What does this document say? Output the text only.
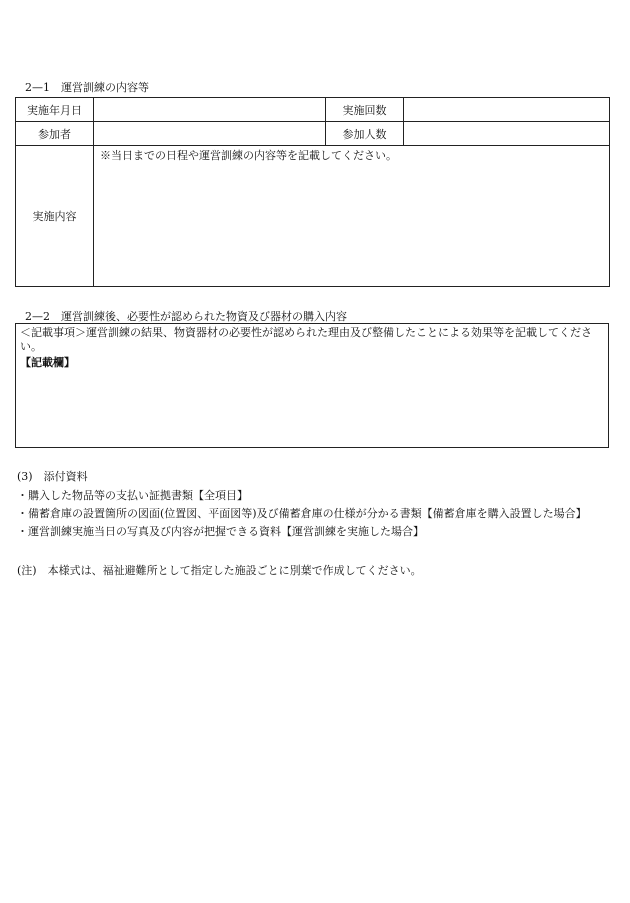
2—1　運営訓練の内容等
実施年月日		実施回数	
参加者		参加人数	
実施内容	※当日までの日程や運営訓練の内容等を記載してください。		
2—2　運営訓練後、必要性が認められた物資及び器材の購入内容
＜記載事項＞運営訓練の結果、物資器材の必要性が認められた理由及び整備したことによる効果等を記載してください。
【記載欄】
(3)　添付資料
・購入した物品等の支払い証拠書類【全項目】
・備蓄倉庫の設置箇所の図面(位置図、平面図等)及び備蓄倉庫の仕様が分かる書類【備蓄倉庫を購入設置した場合】
・運営訓練実施当日の写真及び内容が把握できる資料【運営訓練を実施した場合】
(注)　本様式は、福祉避難所として指定した施設ごとに別葉で作成してください。
